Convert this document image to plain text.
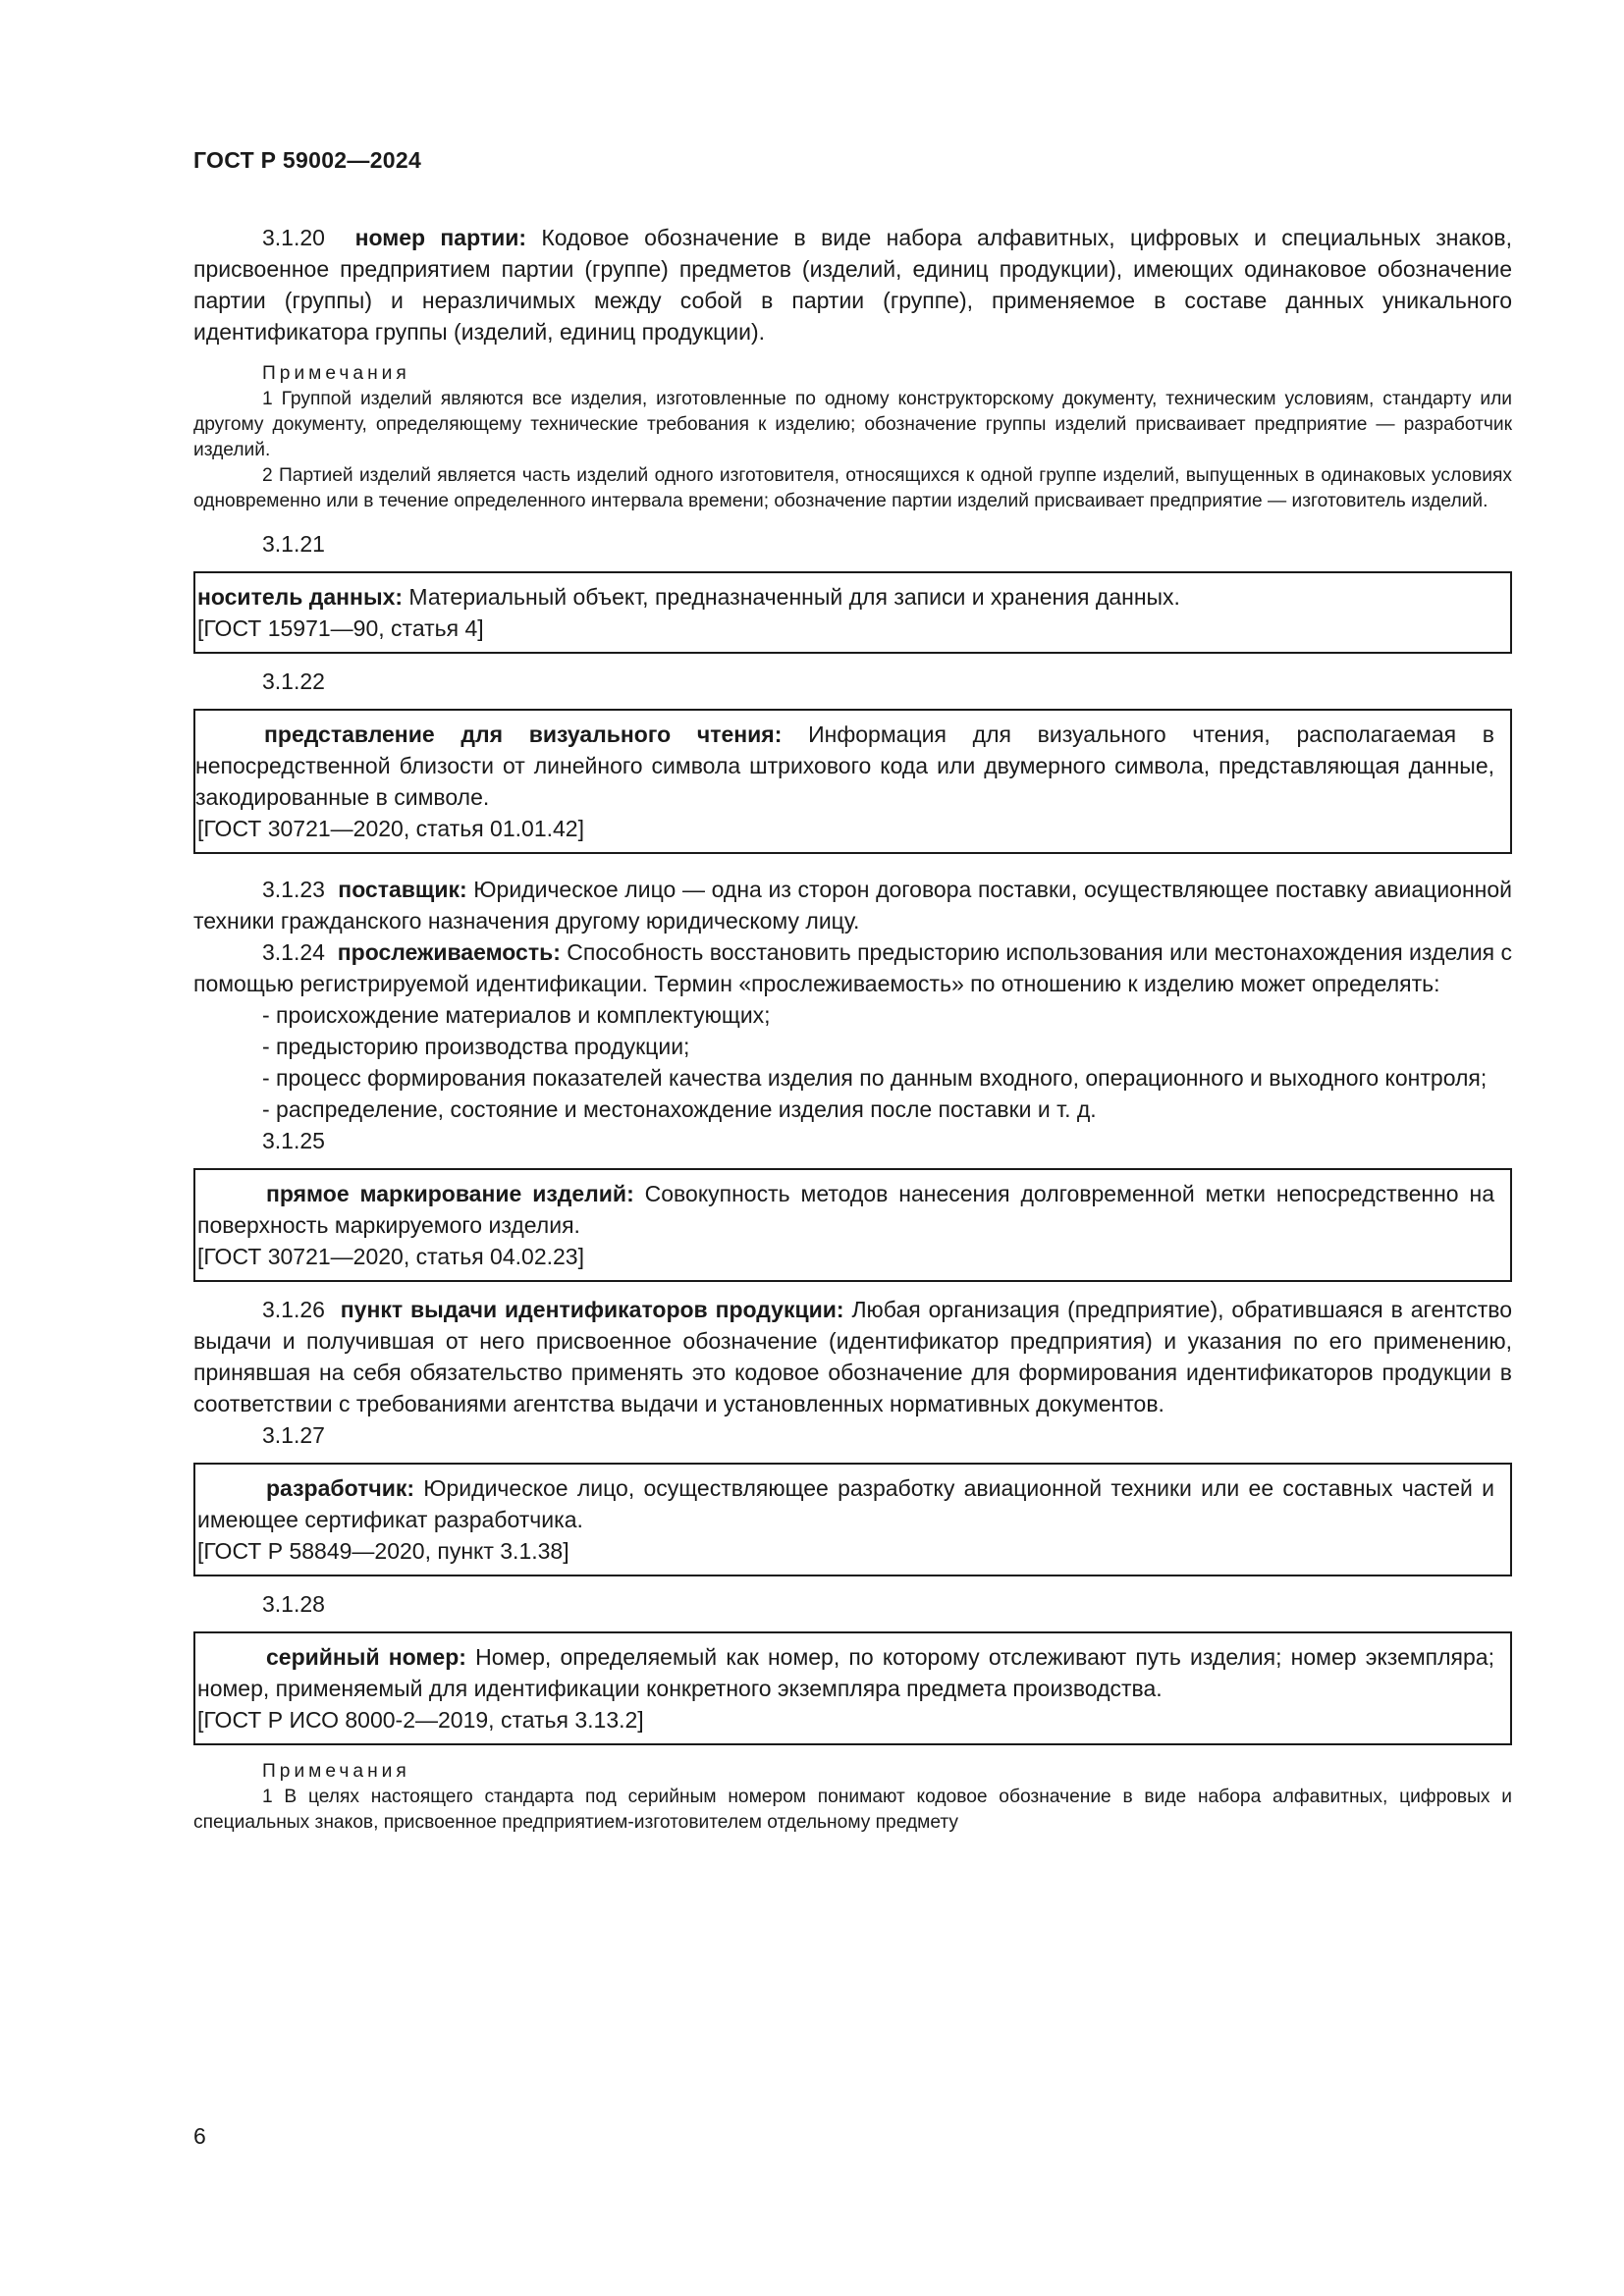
ГОСТ Р 59002—2024

3.1.20 номер партии: Кодовое обозначение в виде набора алфавитных, цифровых и специальных знаков, присвоенное предприятием партии (группе) предметов (изделий, единиц продукции), имеющих одинаковое обозначение партии (группы) и неразличимых между собой в партии (группе), применяемое в составе данных уникального идентификатора группы (изделий, единиц продукции).

Примечания

1 Группой изделий являются все изделия, изготовленные по одному конструкторскому документу, техническим условиям, стандарту или другому документу, определяющему технические требования к изделию; обозначение группы изделий присваивает предприятие — разработчик изделий.

2 Партией изделий является часть изделий одного изготовителя, относящихся к одной группе изделий, выпущенных в одинаковых условиях одновременно или в течение определенного интервала времени; обозначение партии изделий присваивает предприятие — изготовитель изделий.

3.1.21

носитель данных: Материальный объект, предназначенный для записи и хранения данных.

[ГОСТ 15971—90, статья 4]

3.1.22

представление для визуального чтения: Информация для визуального чтения, располагаемая в непосредственной близости от линейного символа штрихового кода или двумерного символа, представляющая данные, закодированные в символе.

[ГОСТ 30721—2020, статья 01.01.42]

3.1.23 поставщик: Юридическое лицо — одна из сторон договора поставки, осуществляющее поставку авиационной техники гражданского назначения другому юридическому лицу.

3.1.24 прослеживаемость: Способность восстановить предысторию использования или местонахождения изделия с помощью регистрируемой идентификации. Термин «прослеживаемость» по отношению к изделию может определять:

- происхождение материалов и комплектующих;

- предысторию производства продукции;

- процесс формирования показателей качества изделия по данным входного, операционного и выходного контроля;

- распределение, состояние и местонахождение изделия после поставки и т. д.

3.1.25

прямое маркирование изделий: Совокупность методов нанесения долговременной метки непосредственно на поверхность маркируемого изделия.

[ГОСТ 30721—2020, статья 04.02.23]

3.1.26 пункт выдачи идентификаторов продукции: Любая организация (предприятие), обратившаяся в агентство выдачи и получившая от него присвоенное обозначение (идентификатор предприятия) и указания по его применению, принявшая на себя обязательство применять это кодовое обозначение для формирования идентификаторов продукции в соответствии с требованиями агентства выдачи и установленных нормативных документов.

3.1.27

разработчик: Юридическое лицо, осуществляющее разработку авиационной техники или ее составных частей и имеющее сертификат разработчика.

[ГОСТ Р 58849—2020, пункт 3.1.38]

3.1.28

серийный номер: Номер, определяемый как номер, по которому отслеживают путь изделия; номер экземпляра; номер, применяемый для идентификации конкретного экземпляра предмета производства.

[ГОСТ Р ИСО 8000-2—2019, статья 3.13.2]

Примечания

1 В целях настоящего стандарта под серийным номером понимают кодовое обозначение в виде набора алфавитных, цифровых и специальных знаков, присвоенное предприятием-изготовителем отдельному предмету

6
